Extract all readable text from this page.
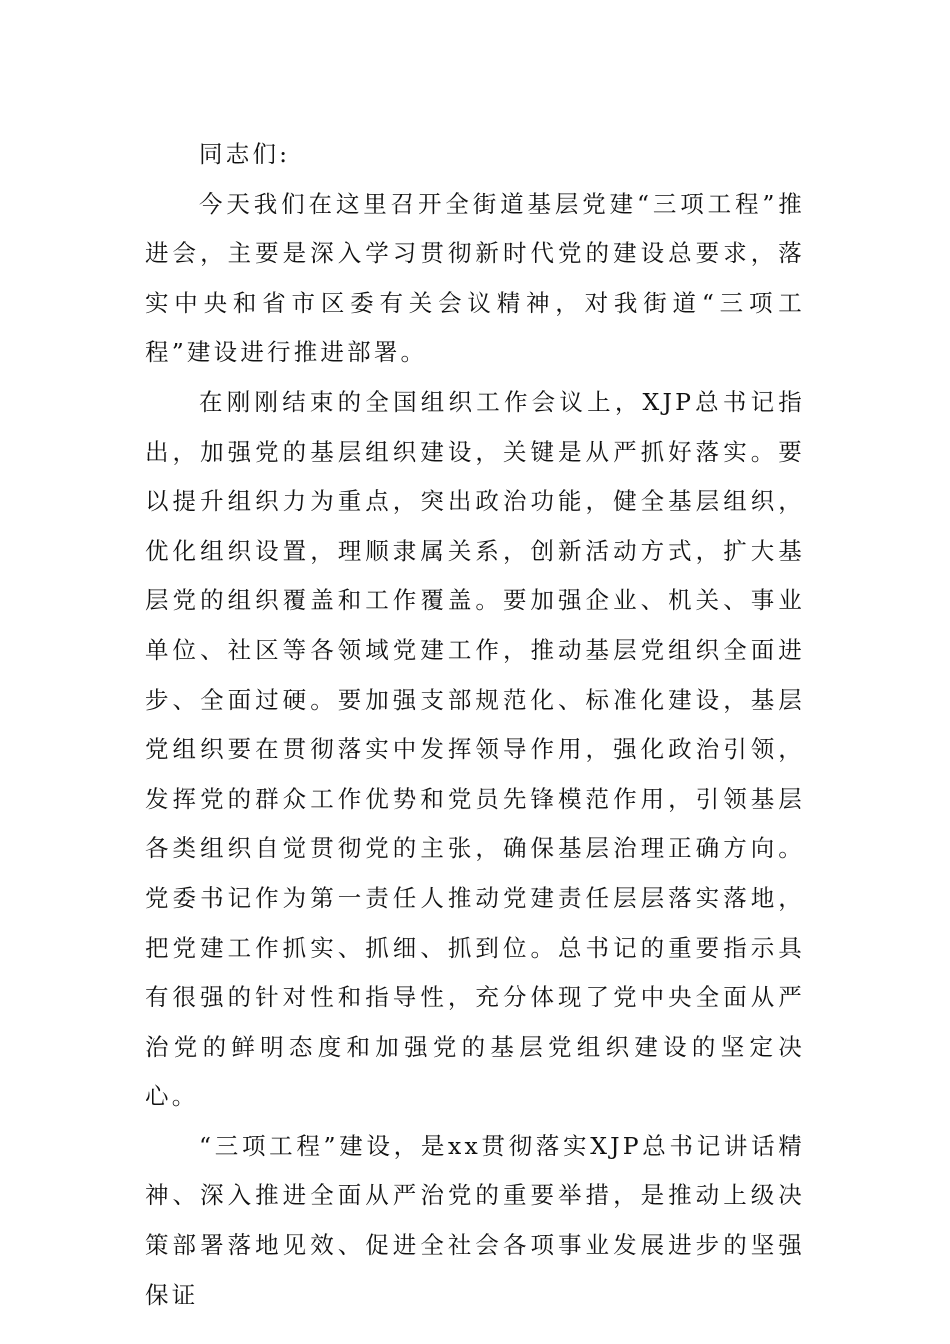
同志们:

今天我们在这里召开全街道基层党建“三项工程”推进会，主要是深入学习贯彻新时代党的建设总要求，落实中央和省市区委有关会议精神，对我街道“三项工程”建设进行推进部署。

在刚刚结束的全国组织工作会议上，XJP总书记指出，加强党的基层组织建设，关键是从严抓好落实。要以提升组织力为重点，突出政治功能，健全基层组织，优化组织设置，理顺隶属关系，创新活动方式，扩大基层党的组织覆盖和工作覆盖。要加强企业、机关、事业单位、社区等各领域党建工作，推动基层党组织全面进步、全面过硬。要加强支部规范化、标准化建设，基层党组织要在贯彻落实中发挥领导作用，强化政治引领，发挥党的群众工作优势和党员先锋模范作用，引领基层各类组织自觉贯彻党的主张，确保基层治理正确方向。党委书记作为第一责任人推动党建责任层层落实落地，把党建工作抓实、抓细、抓到位。总书记的重要指示具有很强的针对性和指导性，充分体现了党中央全面从严治党的鲜明态度和加强党的基层党组织建设的坚定决心。

“三项工程”建设，是xx贯彻落实XJP总书记讲话精神、深入推进全面从严治党的重要举措，是推动上级决策部署落地见效、促进全社会各项事业发展进步的坚强保证
